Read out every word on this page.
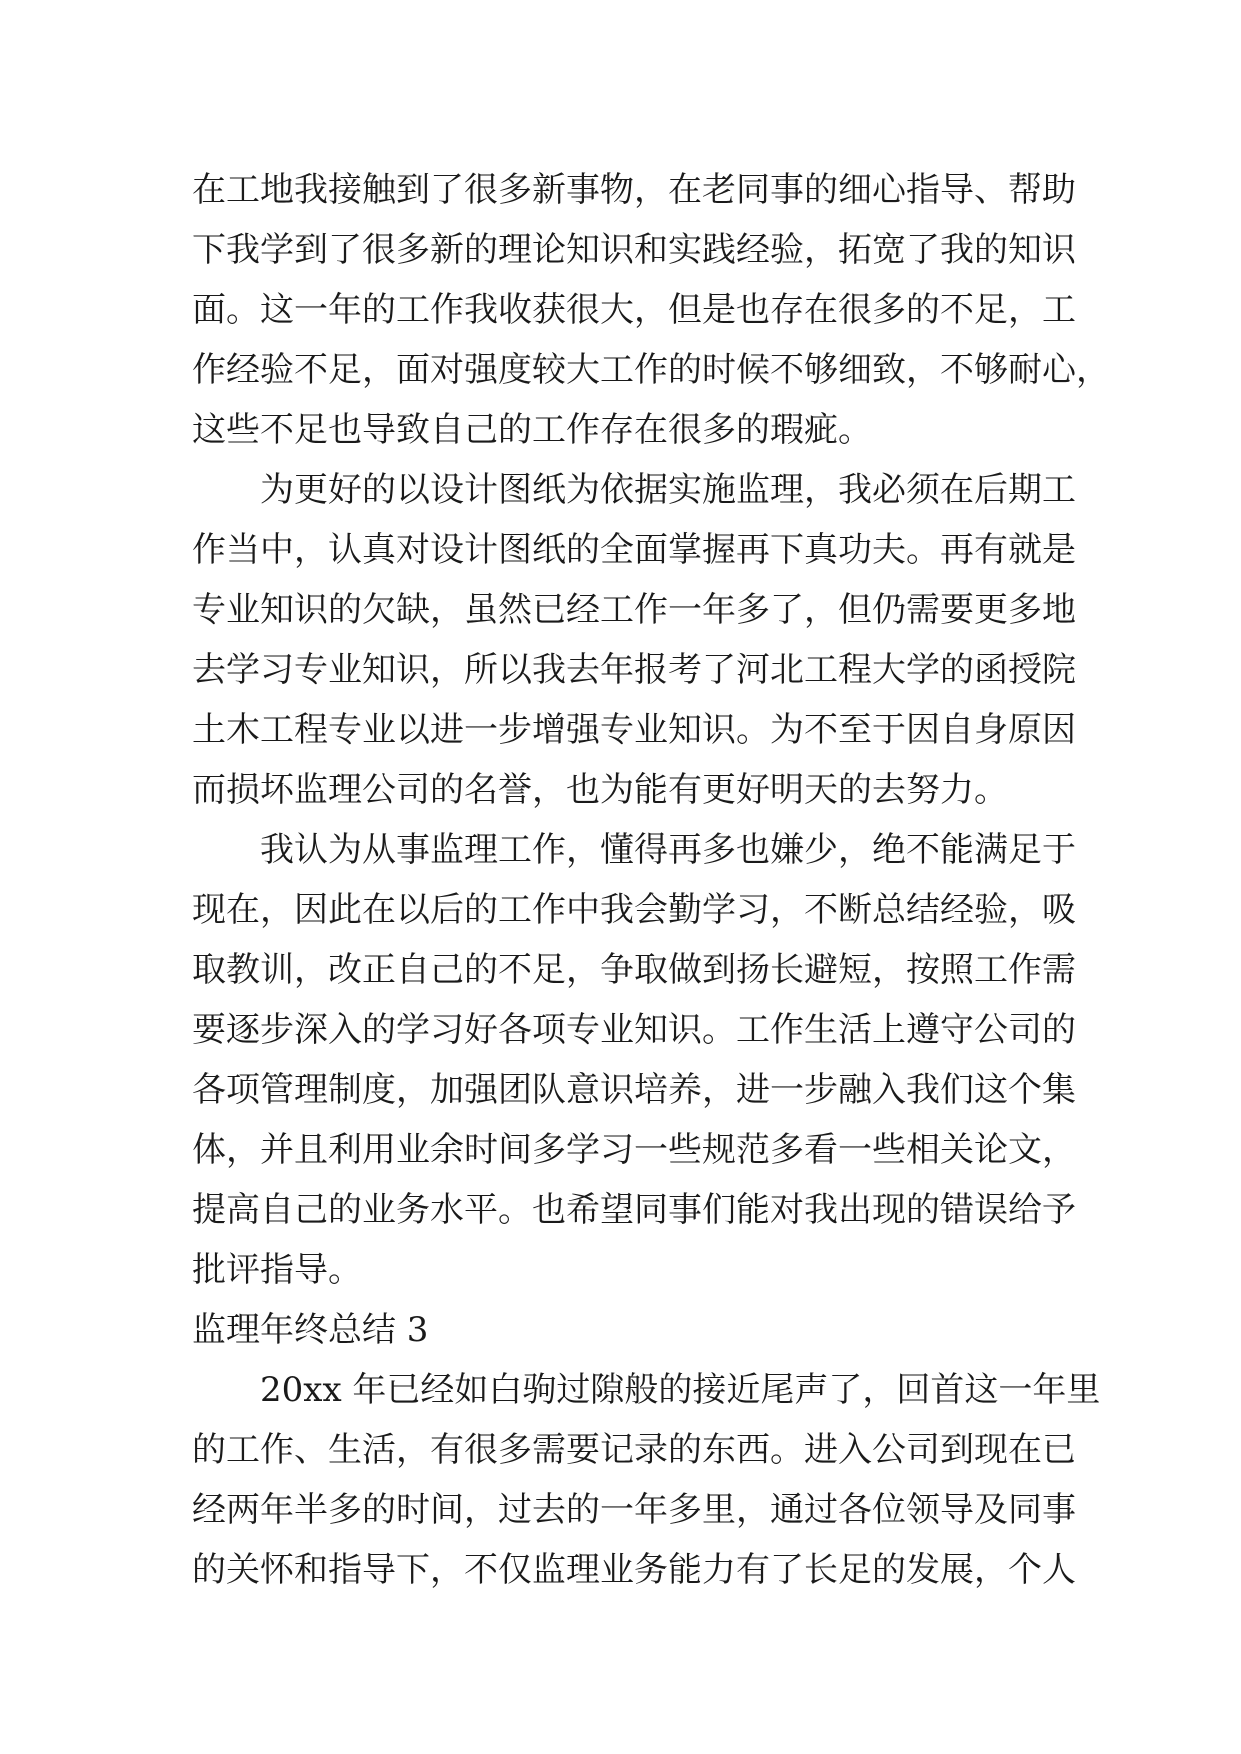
在工地我接触到了很多新事物，在老同事的细心指导、帮助
下我学到了很多新的理论知识和实践经验，拓宽了我的知识
面。这一年的工作我收获很大，但是也存在很多的不足，工
作经验不足，面对强度较大工作的时候不够细致，不够耐心，
这些不足也导致自己的工作存在很多的瑕疵。
为更好的以设计图纸为依据实施监理，我必须在后期工
作当中，认真对设计图纸的全面掌握再下真功夫。再有就是
专业知识的欠缺，虽然已经工作一年多了，但仍需要更多地
去学习专业知识，所以我去年报考了河北工程大学的函授院
土木工程专业以进一步增强专业知识。为不至于因自身原因
而损坏监理公司的名誉，也为能有更好明天的去努力。
我认为从事监理工作，懂得再多也嫌少，绝不能满足于
现在，因此在以后的工作中我会勤学习，不断总结经验，吸
取教训，改正自己的不足，争取做到扬长避短，按照工作需
要逐步深入的学习好各项专业知识。工作生活上遵守公司的
各项管理制度，加强团队意识培养，进一步融入我们这个集
体，并且利用业余时间多学习一些规范多看一些相关论文，
提高自己的业务水平。也希望同事们能对我出现的错误给予
批评指导。
监理年终总结 3
20xx 年已经如白驹过隙般的接近尾声了，回首这一年里
的工作、生活，有很多需要记录的东西。进入公司到现在已
经两年半多的时间，过去的一年多里，通过各位领导及同事
的关怀和指导下，不仅监理业务能力有了长足的发展，个人
